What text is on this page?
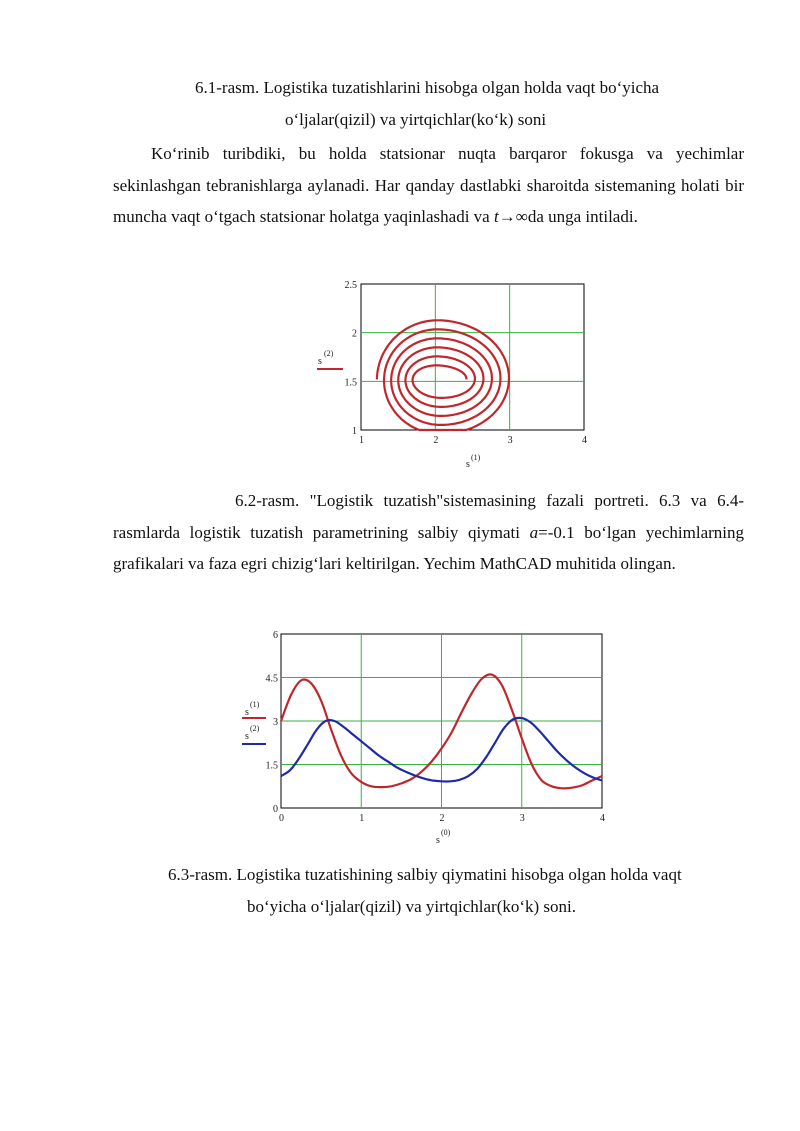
6.1-rasm. Logistika tuzatishlarini hisobga olgan holda vaqt bo‘yicha
o‘ljalar(qizil) va yirtqichlar(ko‘k) soni
Ko‘rinib turibdiki, bu holda statsionar nuqta barqaror fokusga va yechimlar sekinlashgan tebranishlarga aylanadi. Har qanday dastlabki sharoitda sistemaning holati bir muncha vaqt o‘tgach statsionar holatga yaqinlashadi va t→∞da unga intiladi.
1	2	3	4
1
1.5
2
2.5
s
(2)
s
(1)
0	1	2	3	4
0
1.5
3
4.5
6
s
(1)
s
(2)
s
(0)
6.2-rasm. "Logistik tuzatish"sistemasining fazali portreti. 6.3 va 6.4- rasmlarda logistik tuzatish parametrining salbiy qiymati a=-0.1 bo‘lgan yechimlarning grafikalari va faza egri chizig‘lari keltirilgan. Yechim MathCAD muhitida olingan.
6.3-rasm. Logistika tuzatishining salbiy qiymatini hisobga olgan holda vaqt
bo‘yicha o‘ljalar(qizil) va yirtqichlar(ko‘k) soni.
